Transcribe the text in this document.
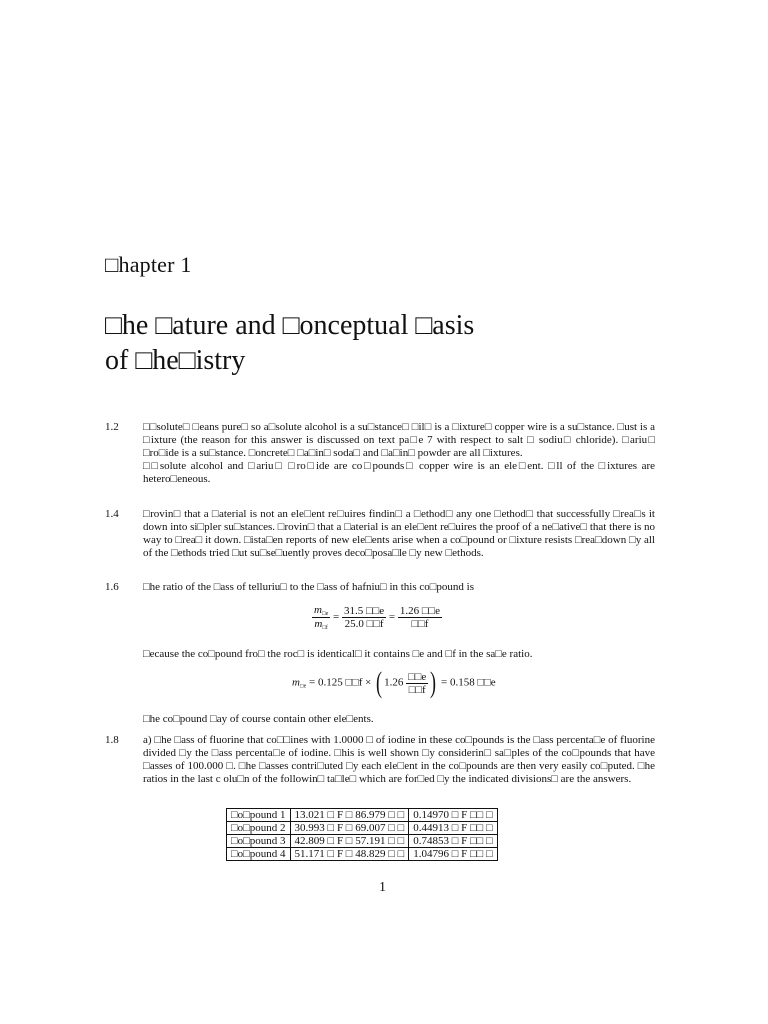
□hapter 1
□he □ature and □onceptual □asis
of □he□istry
1.2	□□solute□ □eans pure□ so a□solute alcohol is a su□stance□ □il□ is a □ixture□ copper wire is a su□stance. □ust is a □ixture (the reason for this answer is discussed on text pa□e 7 with respect to salt □ sodiu□ chloride). □ariu□ □ro□ide is a su□stance. □oncrete□ □a□in□ soda□ and □a□in□ powder are all □ixtures.

□□solute alcohol and □ariu□ □ro□ide are co□pounds□ copper wire is an ele□ent. □ll of the □ixtures are hetero□eneous.

1.4	□rovin□ that a □aterial is not an ele□ent re□uires findin□ a □ethod□ any one □ethod□ that successfully □rea□s it down into si□pler su□stances. □rovin□ that a □aterial is an ele□ent re□uires the proof of a ne□ative□ that there is no way to □rea□ it down. □ista□en reports of new ele□ents arise when a co□pound or □ixture resists □rea□down □y all of the □ethods tried □ut su□se□uently proves deco□posa□le □y new □ethods.

1.6	□he ratio of the □ass of telluriu□ to the □ass of hafniu□ in this co□pound is

$\frac{m_{□e}}{m_{□f}} = \frac{31.5 □□e}{25.0 □□f} = \frac{1.26 □□e}{□□f}$

□ecause the co□pound fro□ the roc□ is identical□ it contains □e and □f in the sa□e ratio.

$m_{□e} = 0.125$ □□f × ( $1.26 \frac{□□e}{□□f}$ ) = 0.158 □□e

□he co□pound □ay of course contain other ele□ents.

1.8	a) □he □ass of fluorine that co□□ines with 1.0000 □ of iodine in these co□pounds is the □ass percenta□e of fluorine divided □y the □ass percenta□e of iodine. □his is well shown □y considerin□ sa□ples of the co□pounds that have □asses of 100.000 □. □he □asses contri□uted □y each ele□ent in the co□pounds are then very easily co□puted. □he ratios in the last c olu□n of the followin□ ta□le□ which are for□ed □y the indicated divisions□ are the answers.

□o□pound 1	13.021 □ F □ 86.979 □ □	0.14970 □ F □□ □
□o□pound 2	30.993 □ F □ 69.007 □ □	0.44913 □ F □□ □
□o□pound 3	42.809 □ F □ 57.191 □ □	0.74853 □ F □□ □
□o□pound 4	51.171 □ F □ 48.829 □ □	1.04796 □ F □□ □
1
